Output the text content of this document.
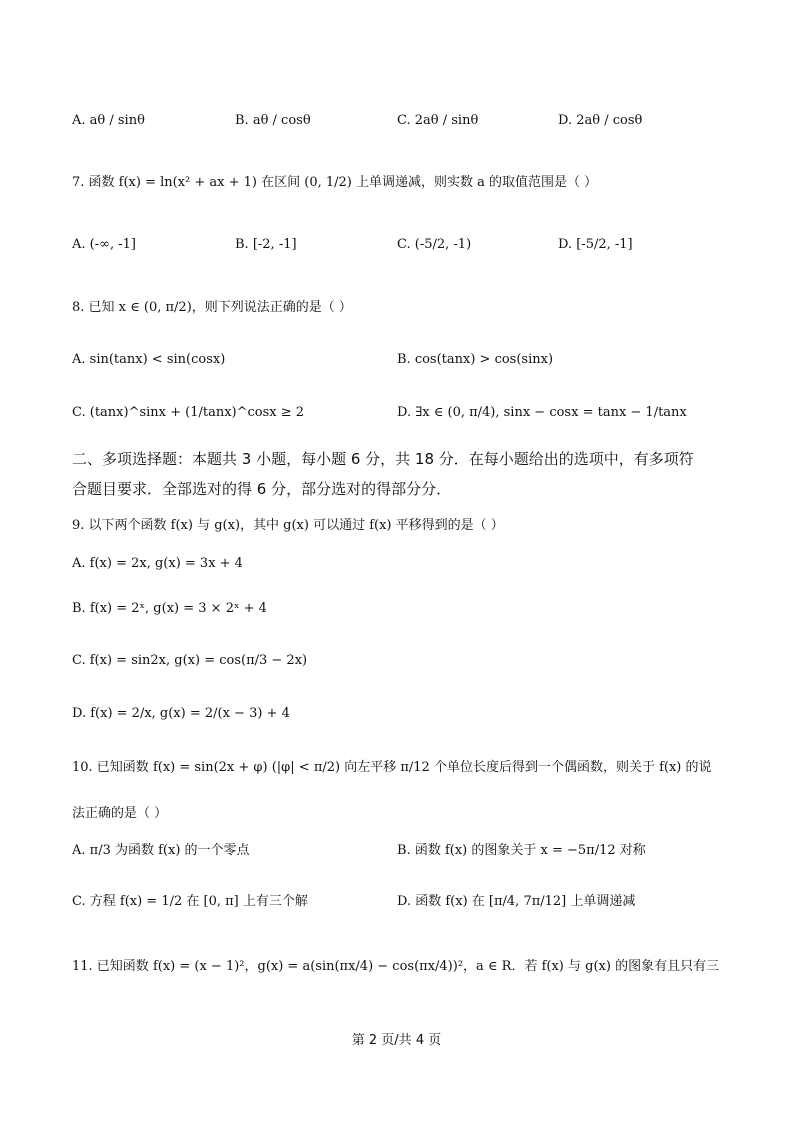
A. aθ / sinθ	B. aθ / cosθ	C. 2aθ / sinθ	D. 2aθ / cosθ
7. 函数 f(x) = ln(x² + ax + 1) 在区间 (0, 1/2) 上单调递减，则实数 a 的取值范围是（ ）
A. (-∞, -1]	B. [-2, -1]	C. (-5/2, -1)	D. [-5/2, -1]
8. 已知 x ∈ (0, π/2)，则下列说法正确的是（ ）
A. sin(tanx) < sin(cosx)	B. cos(tanx) > cos(sinx)
C. (tanx)^sinx + (1/tanx)^cosx ≥ 2	D. ∃x ∈ (0, π/4), sinx − cosx = tanx − 1/tanx
二、多项选择题：本题共 3 小题，每小题 6 分，共 18 分．在每小题给出的选项中，有多项符
合题目要求．全部选对的得 6 分，部分选对的得部分分．
9. 以下两个函数 f(x) 与 g(x)，其中 g(x) 可以通过 f(x) 平移得到的是（ ）
A. f(x) = 2x, g(x) = 3x + 4
B. f(x) = 2ˣ, g(x) = 3 × 2ˣ + 4
C. f(x) = sin2x, g(x) = cos(π/3 − 2x)
D. f(x) = 2/x, g(x) = 2/(x − 3) + 4
10. 已知函数 f(x) = sin(2x + φ) (|φ| < π/2) 向左平移 π/12 个单位长度后得到一个偶函数，则关于 f(x) 的说
法正确的是（ ）
A. π/3 为函数 f(x) 的一个零点	B. 函数 f(x) 的图象关于 x = −5π/12 对称
C. 方程 f(x) = 1/2 在 [0, π] 上有三个解	D. 函数 f(x) 在 [π/4, 7π/12] 上单调递减
11. 已知函数 f(x) = (x − 1)²，g(x) = a(sin(πx/4) − cos(πx/4))²，a ∈ R．若 f(x) 与 g(x) 的图象有且只有三
第 2 页/共 4 页
